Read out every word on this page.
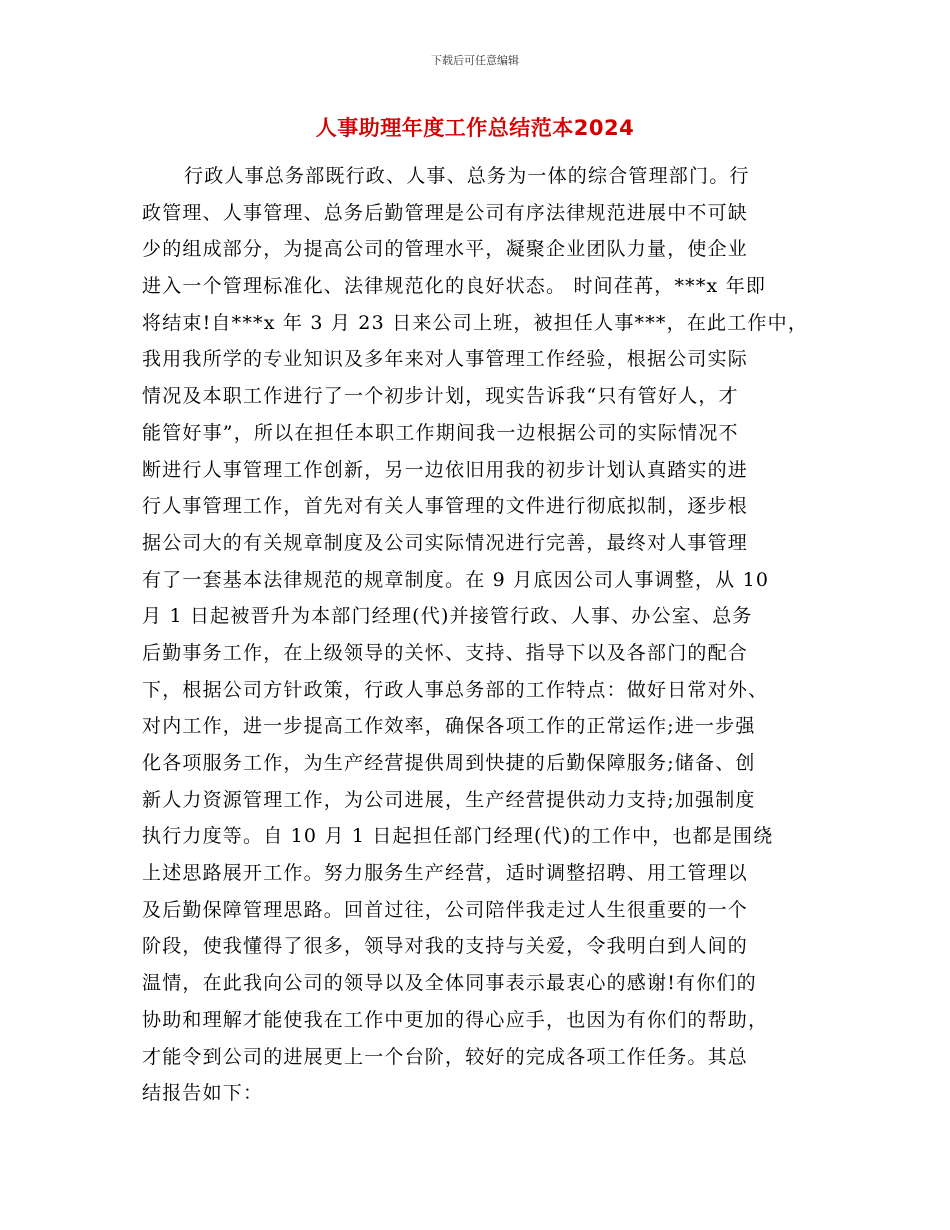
下载后可任意编辑
人事助理年度工作总结范本2024
行政人事总务部既行政、人事、总务为一体的综合管理部门。行
政管理、人事管理、总务后勤管理是公司有序法律规范进展中不可缺
少的组成部分，为提高公司的管理水平，凝聚企业团队力量，使企业
进入一个管理标准化、法律规范化的良好状态。 时间荏苒，***x 年即
将结束!自***x 年 3 月 23 日来公司上班，被担任人事***，在此工作中，
我用我所学的专业知识及多年来对人事管理工作经验，根据公司实际
情况及本职工作进行了一个初步计划，现实告诉我“只有管好人，才
能管好事”，所以在担任本职工作期间我一边根据公司的实际情况不
断进行人事管理工作创新，另一边依旧用我的初步计划认真踏实的进
行人事管理工作，首先对有关人事管理的文件进行彻底拟制，逐步根
据公司大的有关规章制度及公司实际情况进行完善，最终对人事管理
有了一套基本法律规范的规章制度。在 9 月底因公司人事调整，从 10
月 1 日起被晋升为本部门经理(代)并接管行政、人事、办公室、总务
后勤事务工作，在上级领导的关怀、支持、指导下以及各部门的配合
下，根据公司方针政策，行政人事总务部的工作特点：做好日常对外、
对内工作，进一步提高工作效率，确保各项工作的正常运作;进一步强
化各项服务工作，为生产经营提供周到快捷的后勤保障服务;储备、创
新人力资源管理工作，为公司进展，生产经营提供动力支持;加强制度
执行力度等。自 10 月 1 日起担任部门经理(代)的工作中，也都是围绕
上述思路展开工作。努力服务生产经营，适时调整招聘、用工管理以
及后勤保障管理思路。回首过往，公司陪伴我走过人生很重要的一个
阶段，使我懂得了很多，领导对我的支持与关爱，令我明白到人间的
温情，在此我向公司的领导以及全体同事表示最衷心的感谢!有你们的
协助和理解才能使我在工作中更加的得心应手，也因为有你们的帮助，
才能令到公司的进展更上一个台阶，较好的完成各项工作任务。其总
结报告如下：
